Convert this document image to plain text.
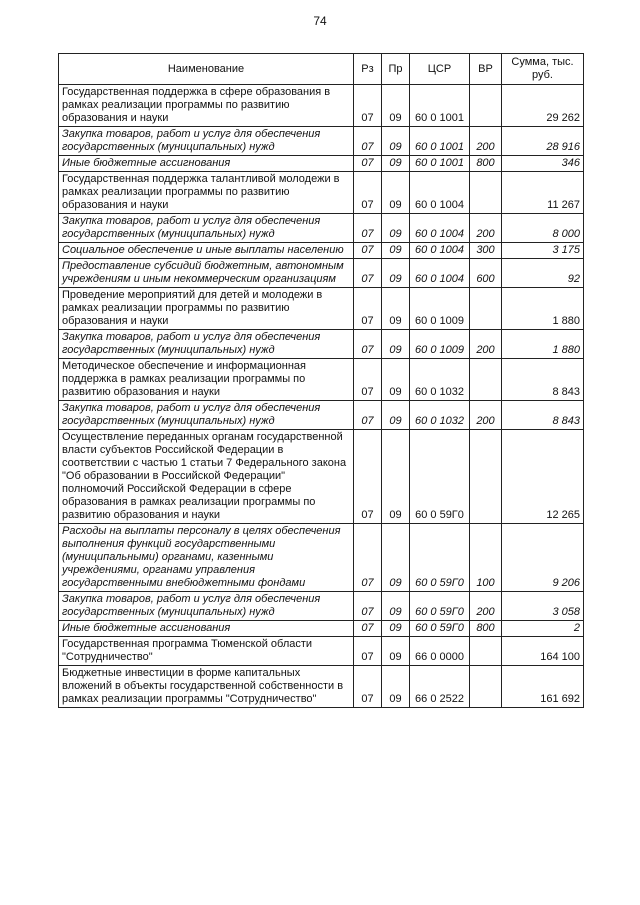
74
Наименование	Рз	Пр	ЦСР	ВР	Сумма, тыс. руб.
Государственная поддержка в сфере образования в рамках реализации программы по развитию образования и науки	07	09	60 0 1001		29 262
Закупка товаров, работ и услуг для обеспечения государственных (муниципальных) нужд	07	09	60 0 1001	200	28 916
Иные бюджетные ассигнования	07	09	60 0 1001	800	346
Государственная поддержка талантливой молодежи в рамках реализации программы по развитию образования и науки	07	09	60 0 1004		11 267
Закупка товаров, работ и услуг для обеспечения государственных (муниципальных) нужд	07	09	60 0 1004	200	8 000
Социальное обеспечение и иные выплаты населению	07	09	60 0 1004	300	3 175
Предоставление субсидий бюджетным, автономным учреждениям и иным некоммерческим организациям	07	09	60 0 1004	600	92
Проведение мероприятий для детей и молодежи в рамках реализации программы по развитию образования и науки	07	09	60 0 1009		1 880
Закупка товаров, работ и услуг для обеспечения государственных (муниципальных) нужд	07	09	60 0 1009	200	1 880
Методическое обеспечение и информационная поддержка в рамках реализации программы по развитию образования и науки	07	09	60 0 1032		8 843
Закупка товаров, работ и услуг для обеспечения государственных (муниципальных) нужд	07	09	60 0 1032	200	8 843
Осуществление переданных органам государственной власти субъектов Российской Федерации в соответствии с частью 1 статьи 7 Федерального закона "Об образовании в Российской Федерации" полномочий Российской Федерации в сфере образования в рамках реализации программы по развитию образования и науки	07	09	60 0 59Г0		12 265
Расходы на выплаты персоналу в целях обеспечения выполнения функций государственными (муниципальными) органами, казенными учреждениями, органами управления государственными внебюджетными фондами	07	09	60 0 59Г0	100	9 206
Закупка товаров, работ и услуг для обеспечения государственных (муниципальных) нужд	07	09	60 0 59Г0	200	3 058
Иные бюджетные ассигнования	07	09	60 0 59Г0	800	2
Государственная программа Тюменской области "Сотрудничество"	07	09	66 0 0000		164 100
Бюджетные инвестиции в форме капитальных вложений в объекты государственной собственности в рамках реализации программы "Сотрудничество"	07	09	66 0 2522		161 692
